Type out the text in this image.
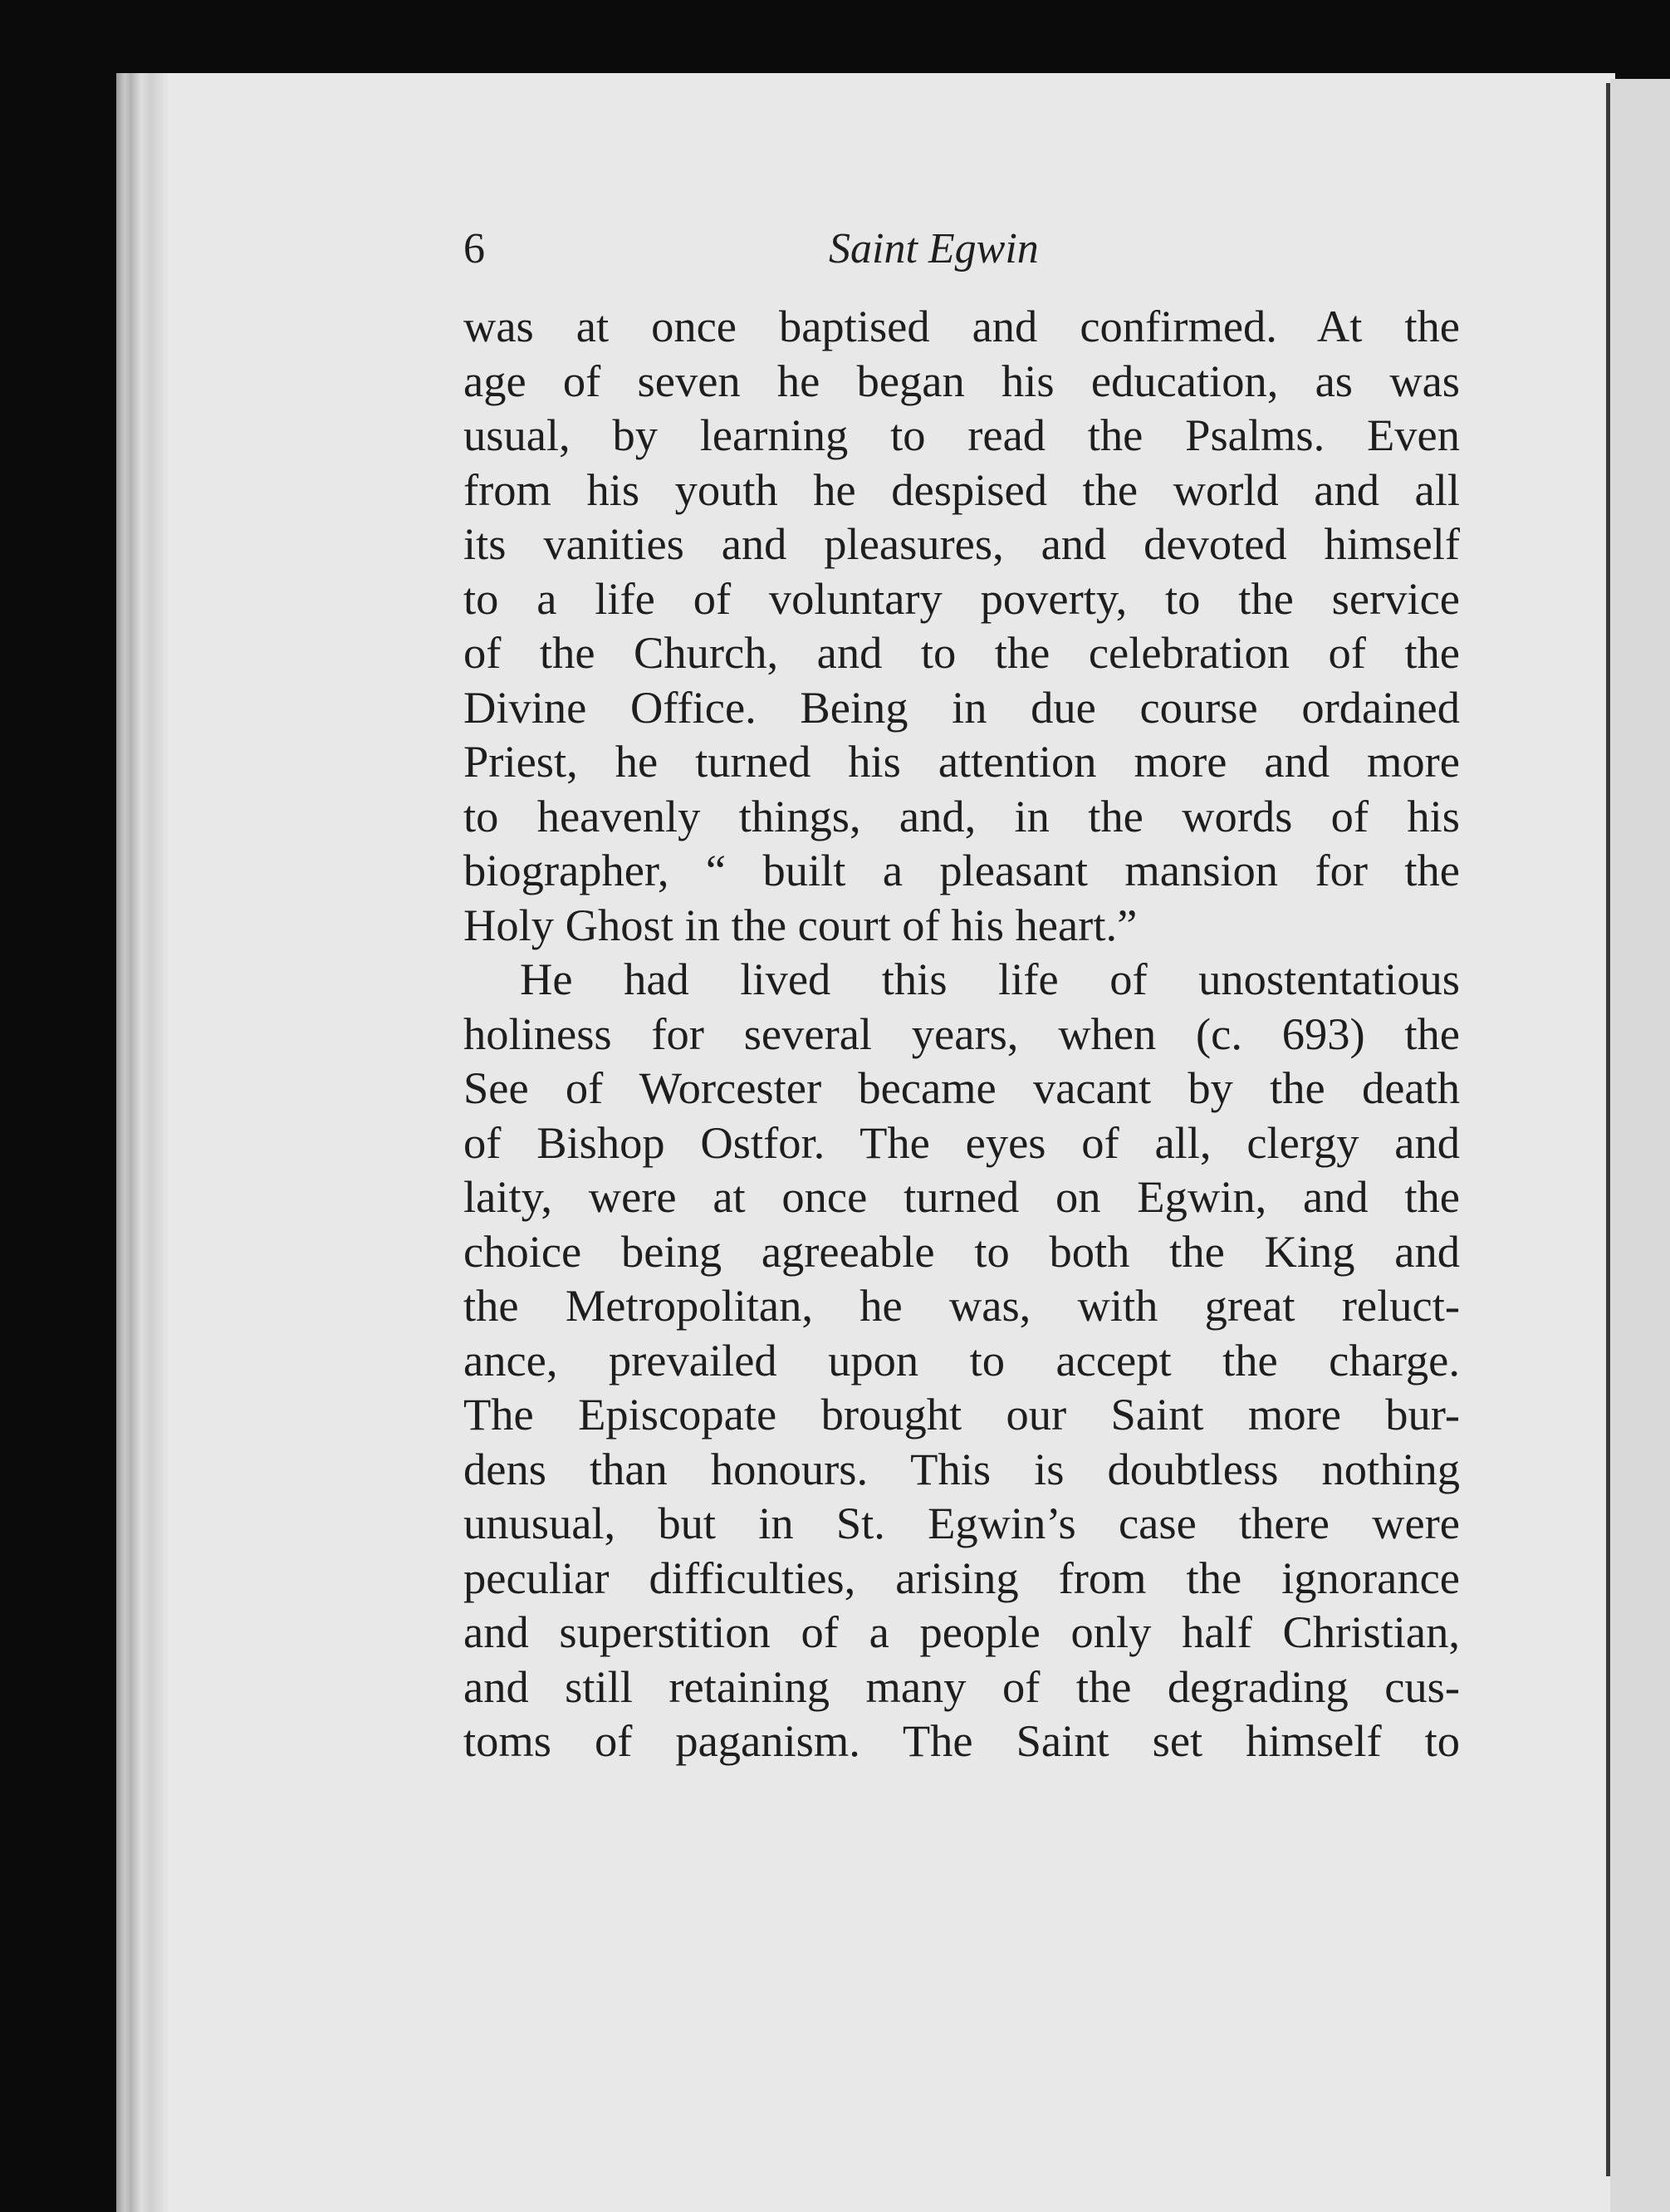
6	Saint Egwin

was at once baptised and confirmed. At the
age of seven he began his education, as was
usual, by learning to read the Psalms. Even
from his youth he despised the world and all
its vanities and pleasures, and devoted himself
to a life of voluntary poverty, to the service
of the Church, and to the celebration of the
Divine Office. Being in due course ordained
Priest, he turned his attention more and more
to heavenly things, and, in the words of his
biographer, “ built a pleasant mansion for the
Holy Ghost in the court of his heart.”

He had lived this life of unostentatious
holiness for several years, when (c. 693) the
See of Worcester became vacant by the death
of Bishop Ostfor. The eyes of all, clergy and
laity, were at once turned on Egwin, and the
choice being agreeable to both the King and
the Metropolitan, he was, with great reluct-
ance, prevailed upon to accept the charge.
The Episcopate brought our Saint more bur-
dens than honours. This is doubtless nothing
unusual, but in St. Egwin’s case there were
peculiar difficulties, arising from the ignorance
and superstition of a people only half Christian,
and still retaining many of the degrading cus-
toms of paganism. The Saint set himself to
